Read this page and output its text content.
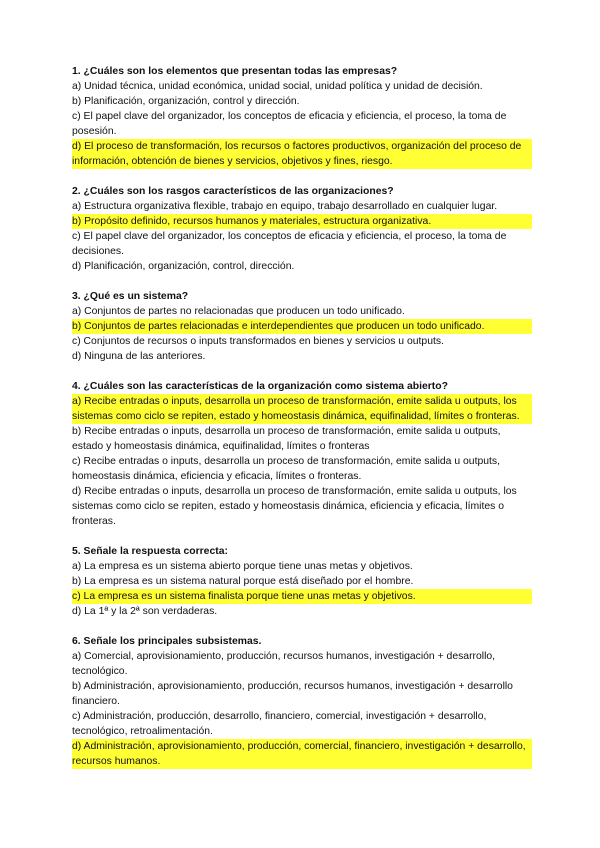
1. ¿Cuáles son los elementos que presentan todas las empresas?
a) Unidad técnica, unidad económica, unidad social, unidad política y unidad de decisión.
b) Planificación, organización, control y dirección.
c) El papel clave del organizador, los conceptos de eficacia y eficiencia, el proceso, la toma de posesión.
d) El proceso de transformación, los recursos o factores productivos, organización del proceso de información, obtención de bienes y servicios, objetivos y fines, riesgo.
2. ¿Cuáles son los rasgos característicos de las organizaciones?
a) Estructura organizativa flexible, trabajo en equipo, trabajo desarrollado en cualquier lugar.
b) Propósito definido, recursos humanos y materiales, estructura organizativa.
c) El papel clave del organizador, los conceptos de eficacia y eficiencia, el proceso, la toma de decisiones.
d) Planificación, organización, control, dirección.
3. ¿Qué es un sistema?
a) Conjuntos de partes no relacionadas que producen un todo unificado.
b) Conjuntos de partes relacionadas e interdependientes que producen un todo unificado.
c) Conjuntos de recursos o inputs transformados en bienes y servicios u outputs.
d) Ninguna de las anteriores.
4. ¿Cuáles son las características de la organización como sistema abierto?
a) Recibe entradas o inputs, desarrolla un proceso de transformación, emite salida u outputs, los sistemas como ciclo se repiten, estado y homeostasis dinámica, equifinalidad, límites o fronteras.
b) Recibe entradas o inputs, desarrolla un proceso de transformación, emite salida u outputs, estado y homeostasis dinámica, equifinalidad, límites o fronteras
c) Recibe entradas o inputs, desarrolla un proceso de transformación, emite salida u outputs, homeostasis dinámica, eficiencia y eficacia, límites o fronteras.
d) Recibe entradas o inputs, desarrolla un proceso de transformación, emite salida u outputs, los sistemas como ciclo se repiten, estado y homeostasis dinámica, eficiencia y eficacia, límites o fronteras.
5. Señale la respuesta correcta:
a) La empresa es un sistema abierto porque tiene unas metas y objetivos.
b) La empresa es un sistema natural porque está diseñado por el hombre.
c) La empresa es un sistema finalista porque tiene unas metas y objetivos.
d) La 1ª y la 2ª son verdaderas.
6. Señale los principales subsistemas.
a) Comercial, aprovisionamiento, producción, recursos humanos, investigación + desarrollo, tecnológico.
b) Administración, aprovisionamiento, producción, recursos humanos, investigación + desarrollo financiero.
c) Administración, producción, desarrollo, financiero, comercial, investigación + desarrollo, tecnológico, retroalimentación.
d) Administración, aprovisionamiento, producción, comercial, financiero, investigación + desarrollo, recursos humanos.
